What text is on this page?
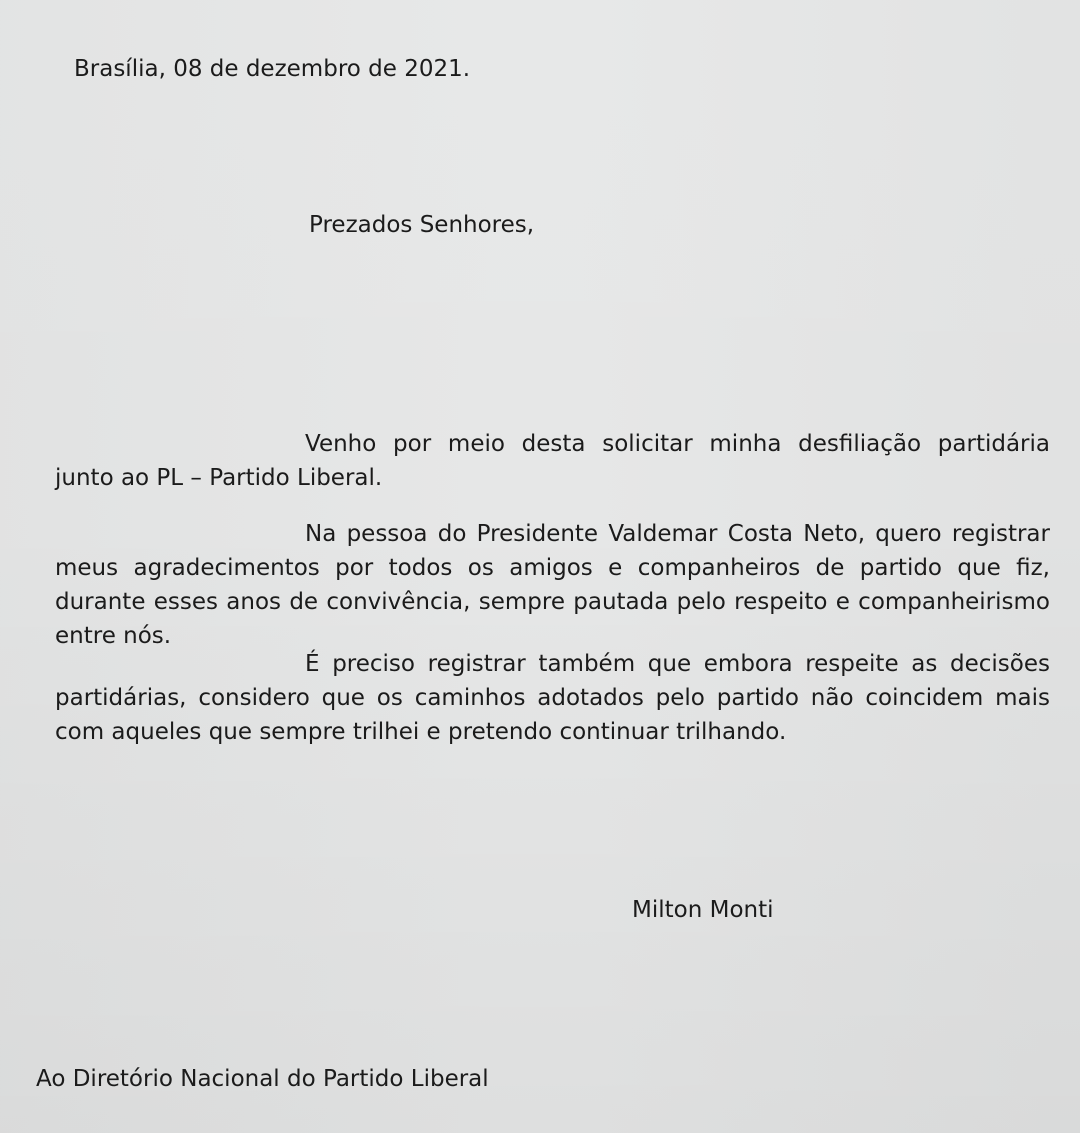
Brasília, 08 de dezembro de 2021.
Prezados Senhores,
Venho por meio desta solicitar minha desfiliação partidária junto ao PL – Partido Liberal.
Na pessoa do Presidente Valdemar Costa Neto, quero registrar meus agradecimentos por todos os amigos e companheiros de partido que fiz, durante esses anos de convivência, sempre pautada pelo respeito e companheirismo entre nós.
É preciso registrar também que embora respeite as decisões partidárias, considero que os caminhos adotados pelo partido não coincidem mais com aqueles que sempre trilhei e pretendo continuar trilhando.
Milton Monti
Ao Diretório Nacional do Partido Liberal
